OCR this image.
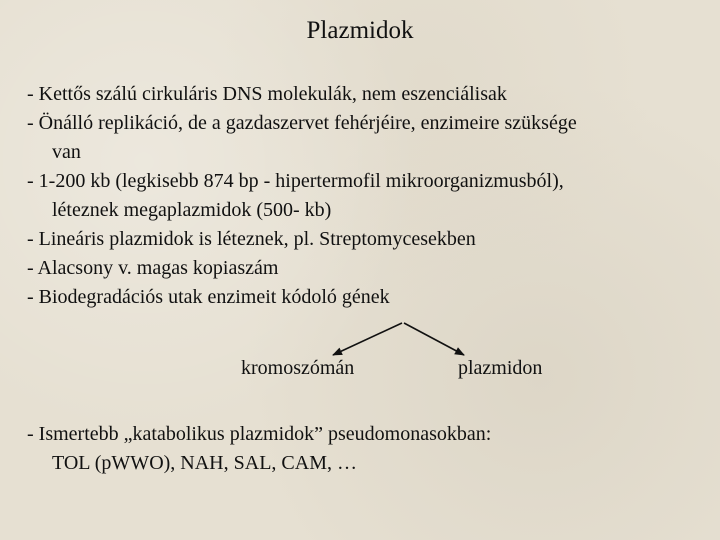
Plazmidok
- Kettős szálú cirkuláris DNS molekulák, nem eszenciálisak
- Önálló replikáció, de a gazdaszervet fehérjéire, enzimeire szüksége
van
- 1-200 kb (legkisebb 874 bp - hipertermofil mikroorganizmusból),
léteznek megaplazmidok (500- kb)
- Lineáris plazmidok is léteznek, pl. Streptomycesekben
- Alacsony v. magas kopiaszám
- Biodegradációs utak enzimeit kódoló gének
kromoszómán	plazmidon
- Ismertebb „katabolikus plazmidok” pseudomonasokban:
TOL (pWWO), NAH, SAL, CAM, …
